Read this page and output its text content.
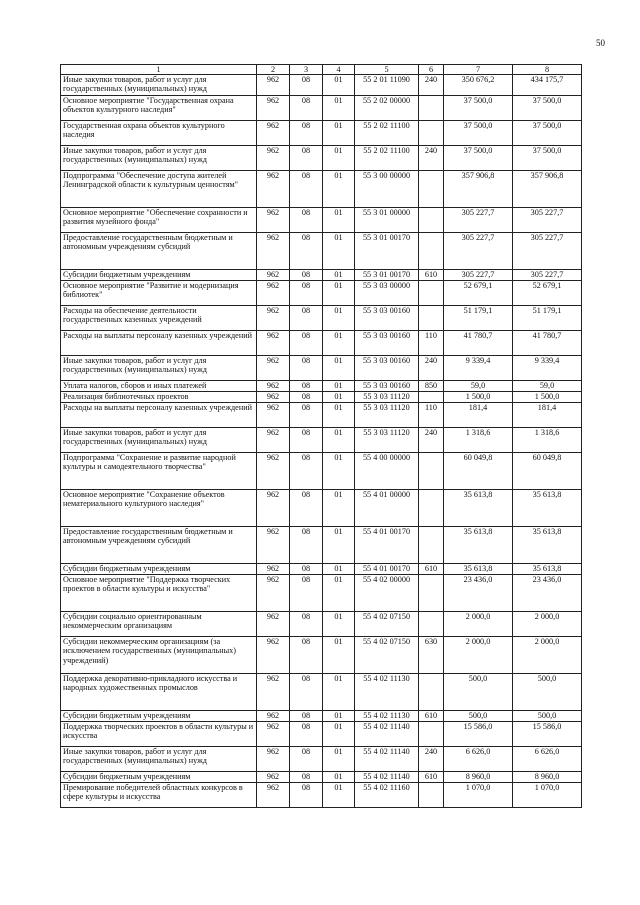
50
1	2	3	4	5	6	7	8
Иные закупки товаров, работ и услуг для государственных (муниципальных) нужд	962	08	01	55 2 01 11090	240	350 676,2	434 175,7
Основное мероприятие "Государственная охрана объектов культурного наследия"	962	08	01	55 2 02 00000		37 500,0	37 500,0
Государственная охрана объектов культурного наследия	962	08	01	55 2 02 11100		37 500,0	37 500,0
Иные закупки товаров, работ и услуг для государственных (муниципальных) нужд	962	08	01	55 2 02 11100	240	37 500,0	37 500,0
Подпрограмма "Обеспечение доступа жителей Ленинградской области к культурным ценностям"	962	08	01	55 3 00 00000		357 906,8	357 906,8
Основное мероприятие "Обеспечение сохранности и развития музейного фонда"	962	08	01	55 3 01 00000		305 227,7	305 227,7
Предоставление государственным бюджетным и автономным учреждениям субсидий	962	08	01	55 3 01 00170		305 227,7	305 227,7
Субсидии бюджетным учреждениям	962	08	01	55 3 01 00170	610	305 227,7	305 227,7
Основное мероприятие "Развитие и модернизация библиотек"	962	08	01	55 3 03 00000		52 679,1	52 679,1
Расходы на обеспечение деятельности государственных казенных учреждений	962	08	01	55 3 03 00160		51 179,1	51 179,1
Расходы на выплаты персоналу казенных учреждений	962	08	01	55 3 03 00160	110	41 780,7	41 780,7
Иные закупки товаров, работ и услуг для государственных (муниципальных) нужд	962	08	01	55 3 03 00160	240	9 339,4	9 339,4
Уплата налогов, сборов и иных платежей	962	08	01	55 3 03 00160	850	59,0	59,0
Реализация библиотечных проектов	962	08	01	55 3 03 11120		1 500,0	1 500,0
Расходы на выплаты персоналу казенных учреждений	962	08	01	55 3 03 11120	110	181,4	181,4
Иные закупки товаров, работ и услуг для государственных (муниципальных) нужд	962	08	01	55 3 03 11120	240	1 318,6	1 318,6
Подпрограмма "Сохранение и развитие народной культуры и самодеятельного творчества"	962	08	01	55 4 00 00000		60 049,8	60 049,8
Основное мероприятие "Сохранение объектов нематериального культурного наследия"	962	08	01	55 4 01 00000		35 613,8	35 613,8
Предоставление государственным бюджетным и автономным учреждениям субсидий	962	08	01	55 4 01 00170		35 613,8	35 613,8
Субсидии бюджетным учреждениям	962	08	01	55 4 01 00170	610	35 613,8	35 613,8
Основное мероприятие "Поддержка творческих проектов в области культуры и искусства"	962	08	01	55 4 02 00000		23 436,0	23 436,0
Субсидии социально ориентированным некоммерческим организациям	962	08	01	55 4 02 07150		2 000,0	2 000,0
Субсидии некоммерческим организациям (за исключением государственных (муниципальных) учреждений)	962	08	01	55 4 02 07150	630	2 000,0	2 000,0
Поддержка декоративно-прикладного искусства и народных художественных промыслов	962	08	01	55 4 02 11130		500,0	500,0
Субсидии бюджетным учреждениям	962	08	01	55 4 02 11130	610	500,0	500,0
Поддержка творческих проектов в области культуры и искусства	962	08	01	55 4 02 11140		15 586,0	15 586,0
Иные закупки товаров, работ и услуг для государственных (муниципальных) нужд	962	08	01	55 4 02 11140	240	6 626,0	6 626,0
Субсидии бюджетным учреждениям	962	08	01	55 4 02 11140	610	8 960,0	8 960,0
Премирование победителей областных конкурсов в сфере культуры и искусства	962	08	01	55 4 02 11160		1 070,0	1 070,0
